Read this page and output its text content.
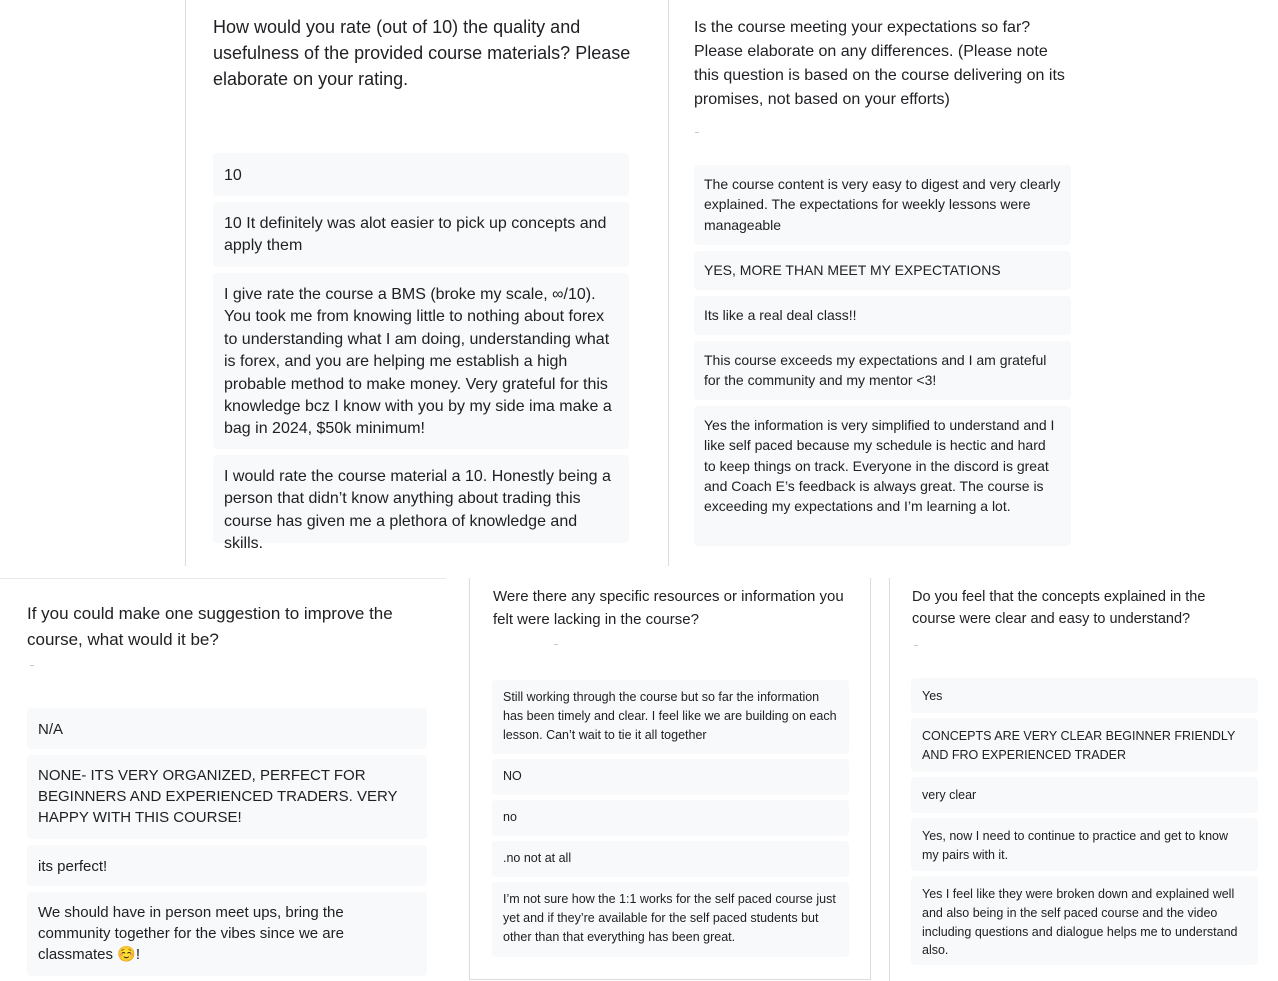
How would you rate (out of 10) the quality and usefulness of the provided course materials? Please elaborate on your rating.
10
10 It definitely was alot easier to pick up concepts and apply them
I give rate the course a BMS (broke my scale, ∞/10). You took me from knowing little to nothing about forex to understanding what I am doing, understanding what is forex, and you are helping me establish a high probable method to make money. Very grateful for this knowledge bcz I know with you by my side ima make a bag in 2024, $50k minimum!
I would rate the course material a 10. Honestly being a person that didn’t know anything about trading this course has given me a plethora of knowledge and skills.
Is the course meeting your expectations so far? Please elaborate on any differences. (Please note this question is based on the course delivering on its promises, not based on your efforts)
The course content is very easy to digest and very clearly explained. The expectations for weekly lessons were manageable
YES, MORE THAN MEET MY EXPECTATIONS
Its like a real deal class!!
This course exceeds my expectations and I am grateful for the community and my mentor <3!
Yes the information is very simplified to understand and I like self paced because my schedule is hectic and hard to keep things on track. Everyone in the discord is great and Coach E’s feedback is always great. The course is exceeding my expectations and I’m learning a lot.
If you could make one suggestion to improve the course, what would it be?
N/A
NONE- ITS VERY ORGANIZED, PERFECT FOR BEGINNERS AND EXPERIENCED TRADERS. VERY HAPPY WITH THIS COURSE!
its perfect!
We should have in person meet ups, bring the community together for the vibes since we are classmates ☺️!
Were there any specific resources or information you felt were lacking in the course?
Still working through the course but so far the information has been timely and clear. I feel like we are building on each lesson. Can’t wait to tie it all together
NO
no
.no not at all
I’m not sure how the 1:1 works for the self paced course just yet and if they’re available for the self paced students but other than that everything has been great.
Do you feel that the concepts explained in the course were clear and easy to understand?
Yes
CONCEPTS ARE VERY CLEAR BEGINNER FRIENDLY AND FRO EXPERIENCED TRADER
very clear
Yes, now I need to continue to practice and get to know my pairs with it.
Yes I feel like they were broken down and explained well and also being in the self paced course and the video including questions and dialogue helps me to understand also.
